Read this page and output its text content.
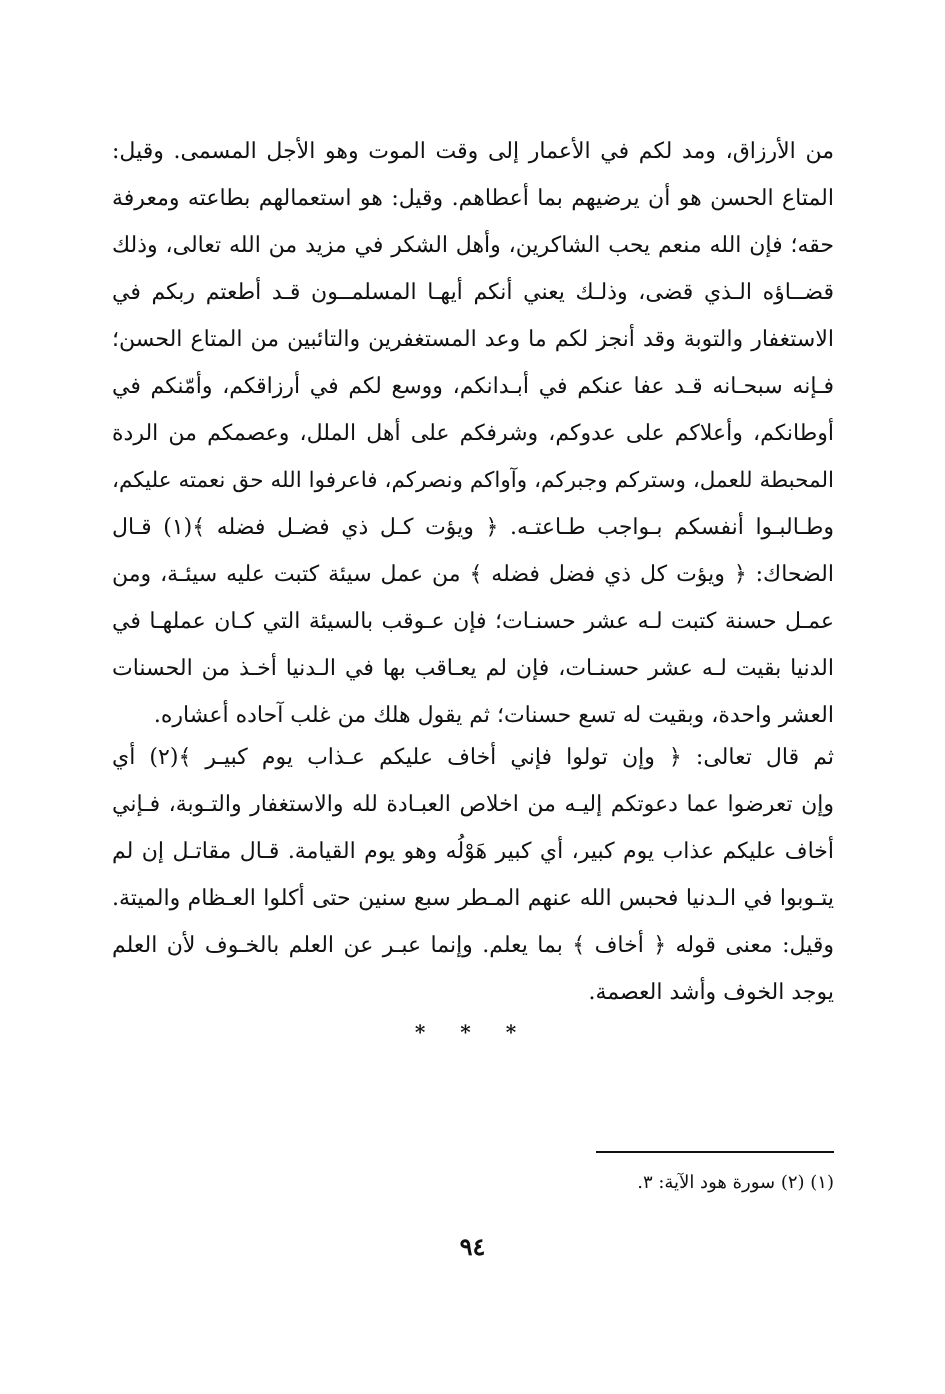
من الأرزاق، ومد لكم في الأعمار إلى وقت الموت وهو الأجل المسمى. وقيل:
المتاع الحسن هو أن يرضيهم بما أعطاهم. وقيل: هو استعمالهم بطاعته ومعرفة
حقه؛ فإن الله منعم يحب الشاكرين، وأهل الشكر في مزيد من الله تعالى، وذلك
قضــاؤه الـذي قضى، وذلـك يعني أنكم أيهـا المسلمــون قـد أطعتم ربكم في
الاستغفار والتوبة وقد أنجز لكم ما وعد المستغفرين والتائبين من المتاع الحسن؛
فـإنه سبحـانه قـد عفا عنكم في أبـدانكم، ووسع لكم في أرزاقكم، وأمّنكم في
أوطانكم، وأعلاكم على عدوكم، وشرفكم على أهل الملل، وعصمكم من الردة
المحبطة للعمل، وستركم وجبركم، وآواكم ونصركم، فاعرفوا الله حق نعمته عليكم،
وطـالبـوا أنفسكم بـواجب طـاعتـه. ﴿ ويؤت كـل ذي فضـل فضله ﴾(١) قـال
الضحاك: ﴿ ويؤت كل ذي فضل فضله ﴾ من عمل سيئة كتبت عليه سيئـة، ومن
عمـل حسنة كتبت لـه عشر حسنـات؛ فإن عـوقب بالسيئة التي كـان عملهـا في
الدنيا بقيت لـه عشر حسنـات، فإن لم يعـاقب بها في الـدنيا أخـذ من الحسنات
العشر واحدة، وبقيت له تسع حسنات؛ ثم يقول هلك من غلب آحاده أعشاره.
ثم قال تعالى: ﴿ وإن تولوا فإني أخاف عليكم عـذاب يوم كبيـر ﴾(٢) أي
وإن تعرضوا عما دعوتكم إليـه من اخلاص العبـادة لله والاستغفار والتـوبة، فـإني
أخاف عليكم عذاب يوم كبير، أي كبير هَوْلُه وهو يوم القيامة. قـال مقاتـل إن لم
يتـوبوا في الـدنيا فحبس الله عنهم المـطر سبع سنين حتى أكلوا العـظام والميتة.
وقيل: معنى قوله ﴿ أخاف ﴾ بما يعلم. وإنما عبـر عن العلم بالخـوف لأن العلم
يوجد الخوف وأشد العصمة.
* * *
(١) (٢) سورة هود الآية: ٣.
٩٤
